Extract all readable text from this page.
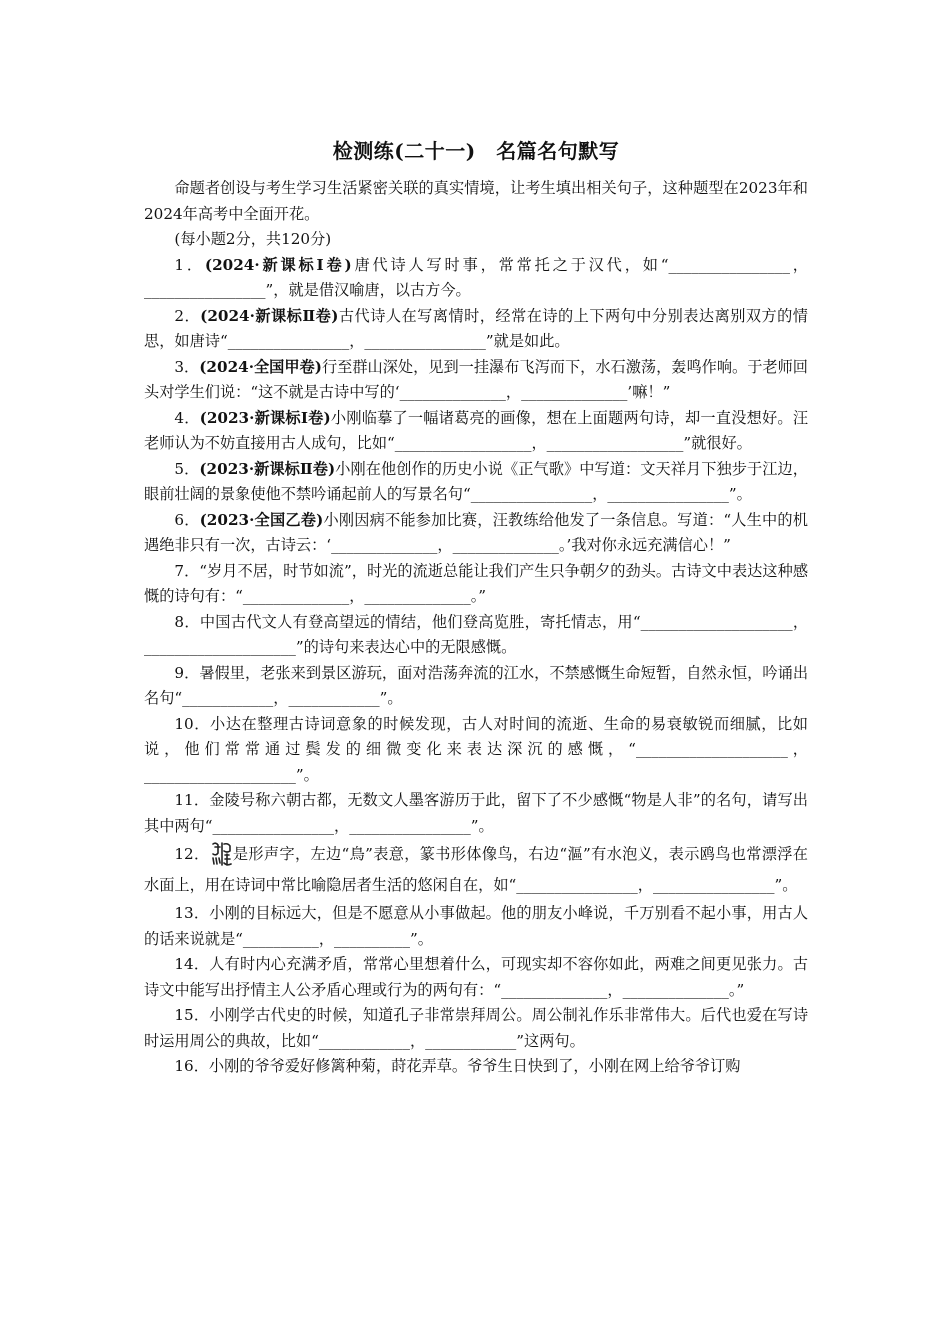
检测练(二十一)　名篇名句默写

命题者创设与考生学习生活紧密关联的真实情境，让考生填出相关句子，这种题型在2023年和2024年高考中全面开花。

(每小题2分，共120分)

1．(2024·新课标Ⅰ卷)唐代诗人写时事，常常托之于汉代，如“________________，________________”，就是借汉喻唐，以古方今。

2．(2024·新课标Ⅱ卷)古代诗人在写离情时，经常在诗的上下两句中分别表达离别双方的情思，如唐诗“________________，________________”就是如此。

3．(2024·全国甲卷)行至群山深处，见到一挂瀑布飞泻而下，水石激荡，轰鸣作响。于老师回头对学生们说：“这不就是古诗中写的‘______________，______________’嘛！”

4．(2023·新课标Ⅰ卷)小刚临摹了一幅诸葛亮的画像，想在上面题两句诗，却一直没想好。汪老师认为不妨直接用古人成句，比如“__________________，__________________”就很好。

5．(2023·新课标Ⅱ卷)小刚在他创作的历史小说《正气歌》中写道：文天祥月下独步于江边，眼前壮阔的景象使他不禁吟诵起前人的写景名句“________________，________________”。

6．(2023·全国乙卷)小刚因病不能参加比赛，汪教练给他发了一条信息。写道：“人生中的机遇绝非只有一次，古诗云：‘______________，______________。’我对你永远充满信心！”

7．“岁月不居，时节如流”，时光的流逝总能让我们产生只争朝夕的劲头。古诗文中表达这种感慨的诗句有：“______________，______________。”

8．中国古代文人有登高望远的情结，他们登高览胜，寄托情志，用“____________________，____________________”的诗句来表达心中的无限感慨。

9．暑假里，老张来到景区游玩，面对浩荡奔流的江水，不禁感慨生命短暂，自然永恒，吟诵出名句“____________，____________”。

10．小达在整理古诗词意象的时候发现，古人对时间的流逝、生命的易衰敏锐而细腻，比如说，他们常常通过鬓发的细微变化来表达深沉的感慨，“____________________，____________________”。

11．金陵号称六朝古都，无数文人墨客游历于此，留下了不少感慨“物是人非”的名句，请写出其中两句“________________，________________”。

12． 是形声字，左边“鳥”表意，篆书形体像鸟，右边“漚”有水泡义，表示鸥鸟也常漂浮在水面上，用在诗词中常比喻隐居者生活的悠闲自在，如“________________，________________”。

13．小刚的目标远大，但是不愿意从小事做起。他的朋友小峰说，千万别看不起小事，用古人的话来说就是“__________，__________”。

14．人有时内心充满矛盾，常常心里想着什么，可现实却不容你如此，两难之间更见张力。古诗文中能写出抒情主人公矛盾心理或行为的两句有：“______________，______________。”

15．小刚学古代史的时候，知道孔子非常崇拜周公。周公制礼作乐非常伟大。后代也爱在写诗时运用周公的典故，比如“____________，____________”这两句。

16．小刚的爷爷爱好修篱种菊，莳花弄草。爷爷生日快到了，小刚在网上给爷爷订购
